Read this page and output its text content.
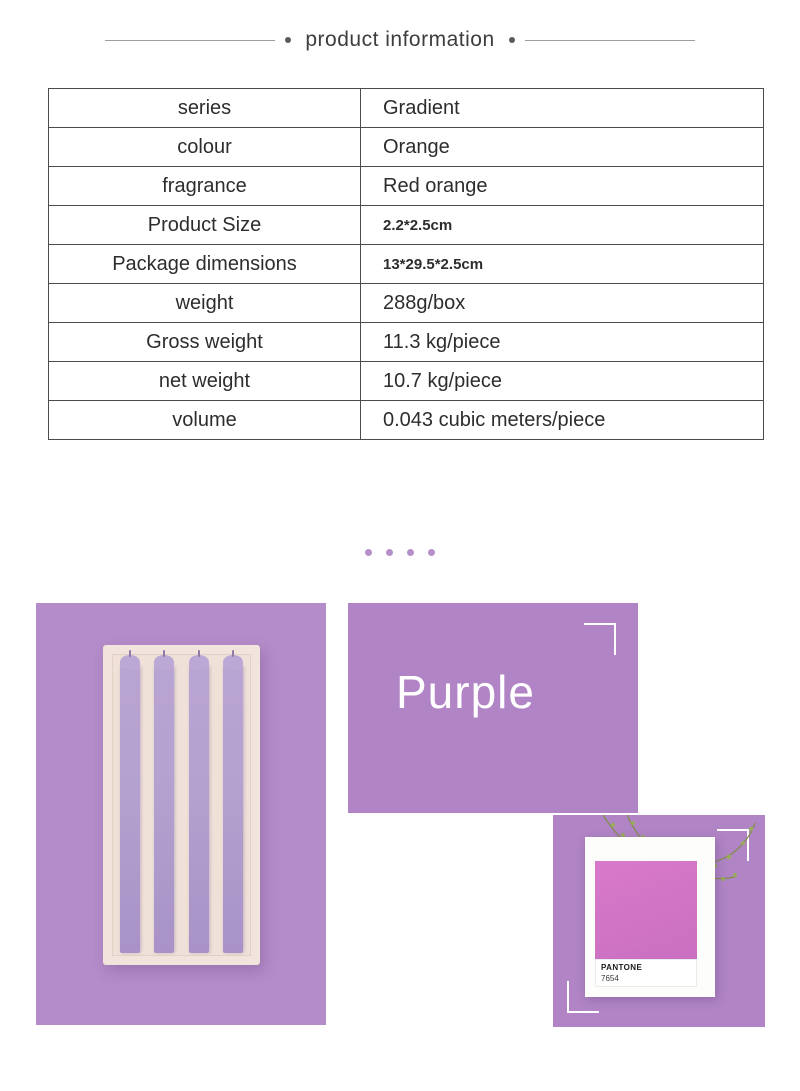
product information
series	Gradient
colour	Orange
fragrance	Red orange
Product Size	2.2*2.5cm
Package dimensions	13*29.5*2.5cm
weight	288g/box
Gross weight	11.3 kg/piece
net weight	10.7 kg/piece
volume	0.043 cubic meters/piece
Purple
PANTONE
7654
